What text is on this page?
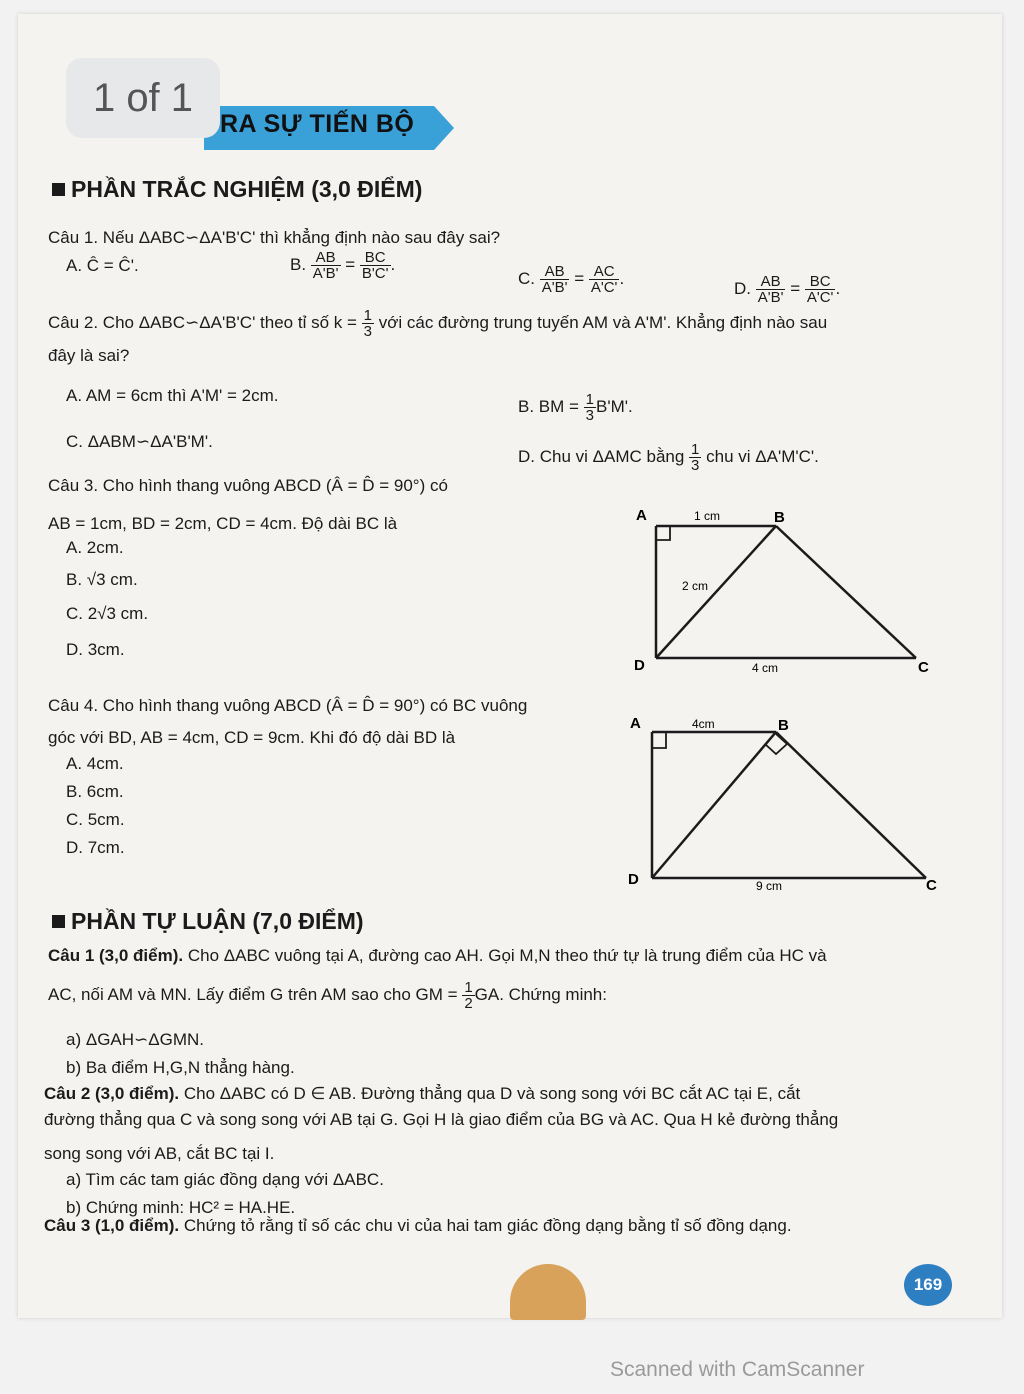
RA SỰ TIẾN BỘ
1 of 1
PHẦN TRẮC NGHIỆM (3,0 ĐIỂM)
Câu 1. Nếu ΔABC∽ΔA'B'C' thì khẳng định nào sau đây sai?
A. Ĉ = Ĉ'.	B. $\frac{AB}{A'B'} = \frac{BC}{B'C'}$ .
C. $\frac{AB}{A'B'} = \frac{AC}{A'C'}$ .
D. $\frac{AB}{A'B'} = \frac{BC}{A'C'}$ .
Câu 2. Cho ΔABC∽ΔA'B'C' theo tỉ số $k = \frac{1}{3}$ với các đường trung tuyến AM và A'M'. Khẳng định nào sau
đây là sai?
A. AM = 6cm thì A'M' = 2cm.
B. BM = $\frac{1}{3} B'M'$.
C. ΔABM∽ΔA'B'M'.
D. Chu vi ΔAMC bằng $\frac{1}{3}$ chu vi ΔA'M'C'.
Câu 3. Cho hình thang vuông ABCD (Â = D̂ = 90°) có
AB = 1cm, BD = 2cm, CD = 4cm. Độ dài BC là
A. 2cm.
B. √3 cm.
C. 2√3 cm.
D. 3cm.
A	B
C
D
1 cm
2 cm
4 cm
Câu 4. Cho hình thang vuông ABCD (Â = D̂ = 90°) có BC vuông
góc với BD, AB = 4cm, CD = 9cm. Khi đó độ dài BD là
A. 4cm.
B. 6cm.
C. 5cm.
D. 7cm.
A	B
C
D
4cm
9 cm
PHẦN TỰ LUẬN (7,0 ĐIỂM)
Câu 1 (3,0 điểm). Cho ΔABC vuông tại A, đường cao AH. Gọi M,N theo thứ tự là trung điểm của HC và
AC, nối AM và MN. Lấy điểm G trên AM sao cho GM = $\frac{1}{2}$ GA. Chứng minh:
a) ΔGAH∽ΔGMN.
b) Ba điểm H,G,N thẳng hàng.
Câu 2 (3,0 điểm). Cho ΔABC có D ∈ AB. Đường thẳng qua D và song song với BC cắt AC tại E, cắt
đường thẳng qua C và song song với AB tại G. Gọi H là giao điểm của BG và AC. Qua H kẻ đường thẳng
song song với AB, cắt BC tại I.
a) Tìm các tam giác đồng dạng với ΔABC.
b) Chứng minh: HC² = HA.HE.
Câu 3 (1,0 điểm). Chứng tỏ rằng tỉ số các chu vi của hai tam giác đồng dạng bằng tỉ số đồng dạng.
169
Scanned with CamScanner
